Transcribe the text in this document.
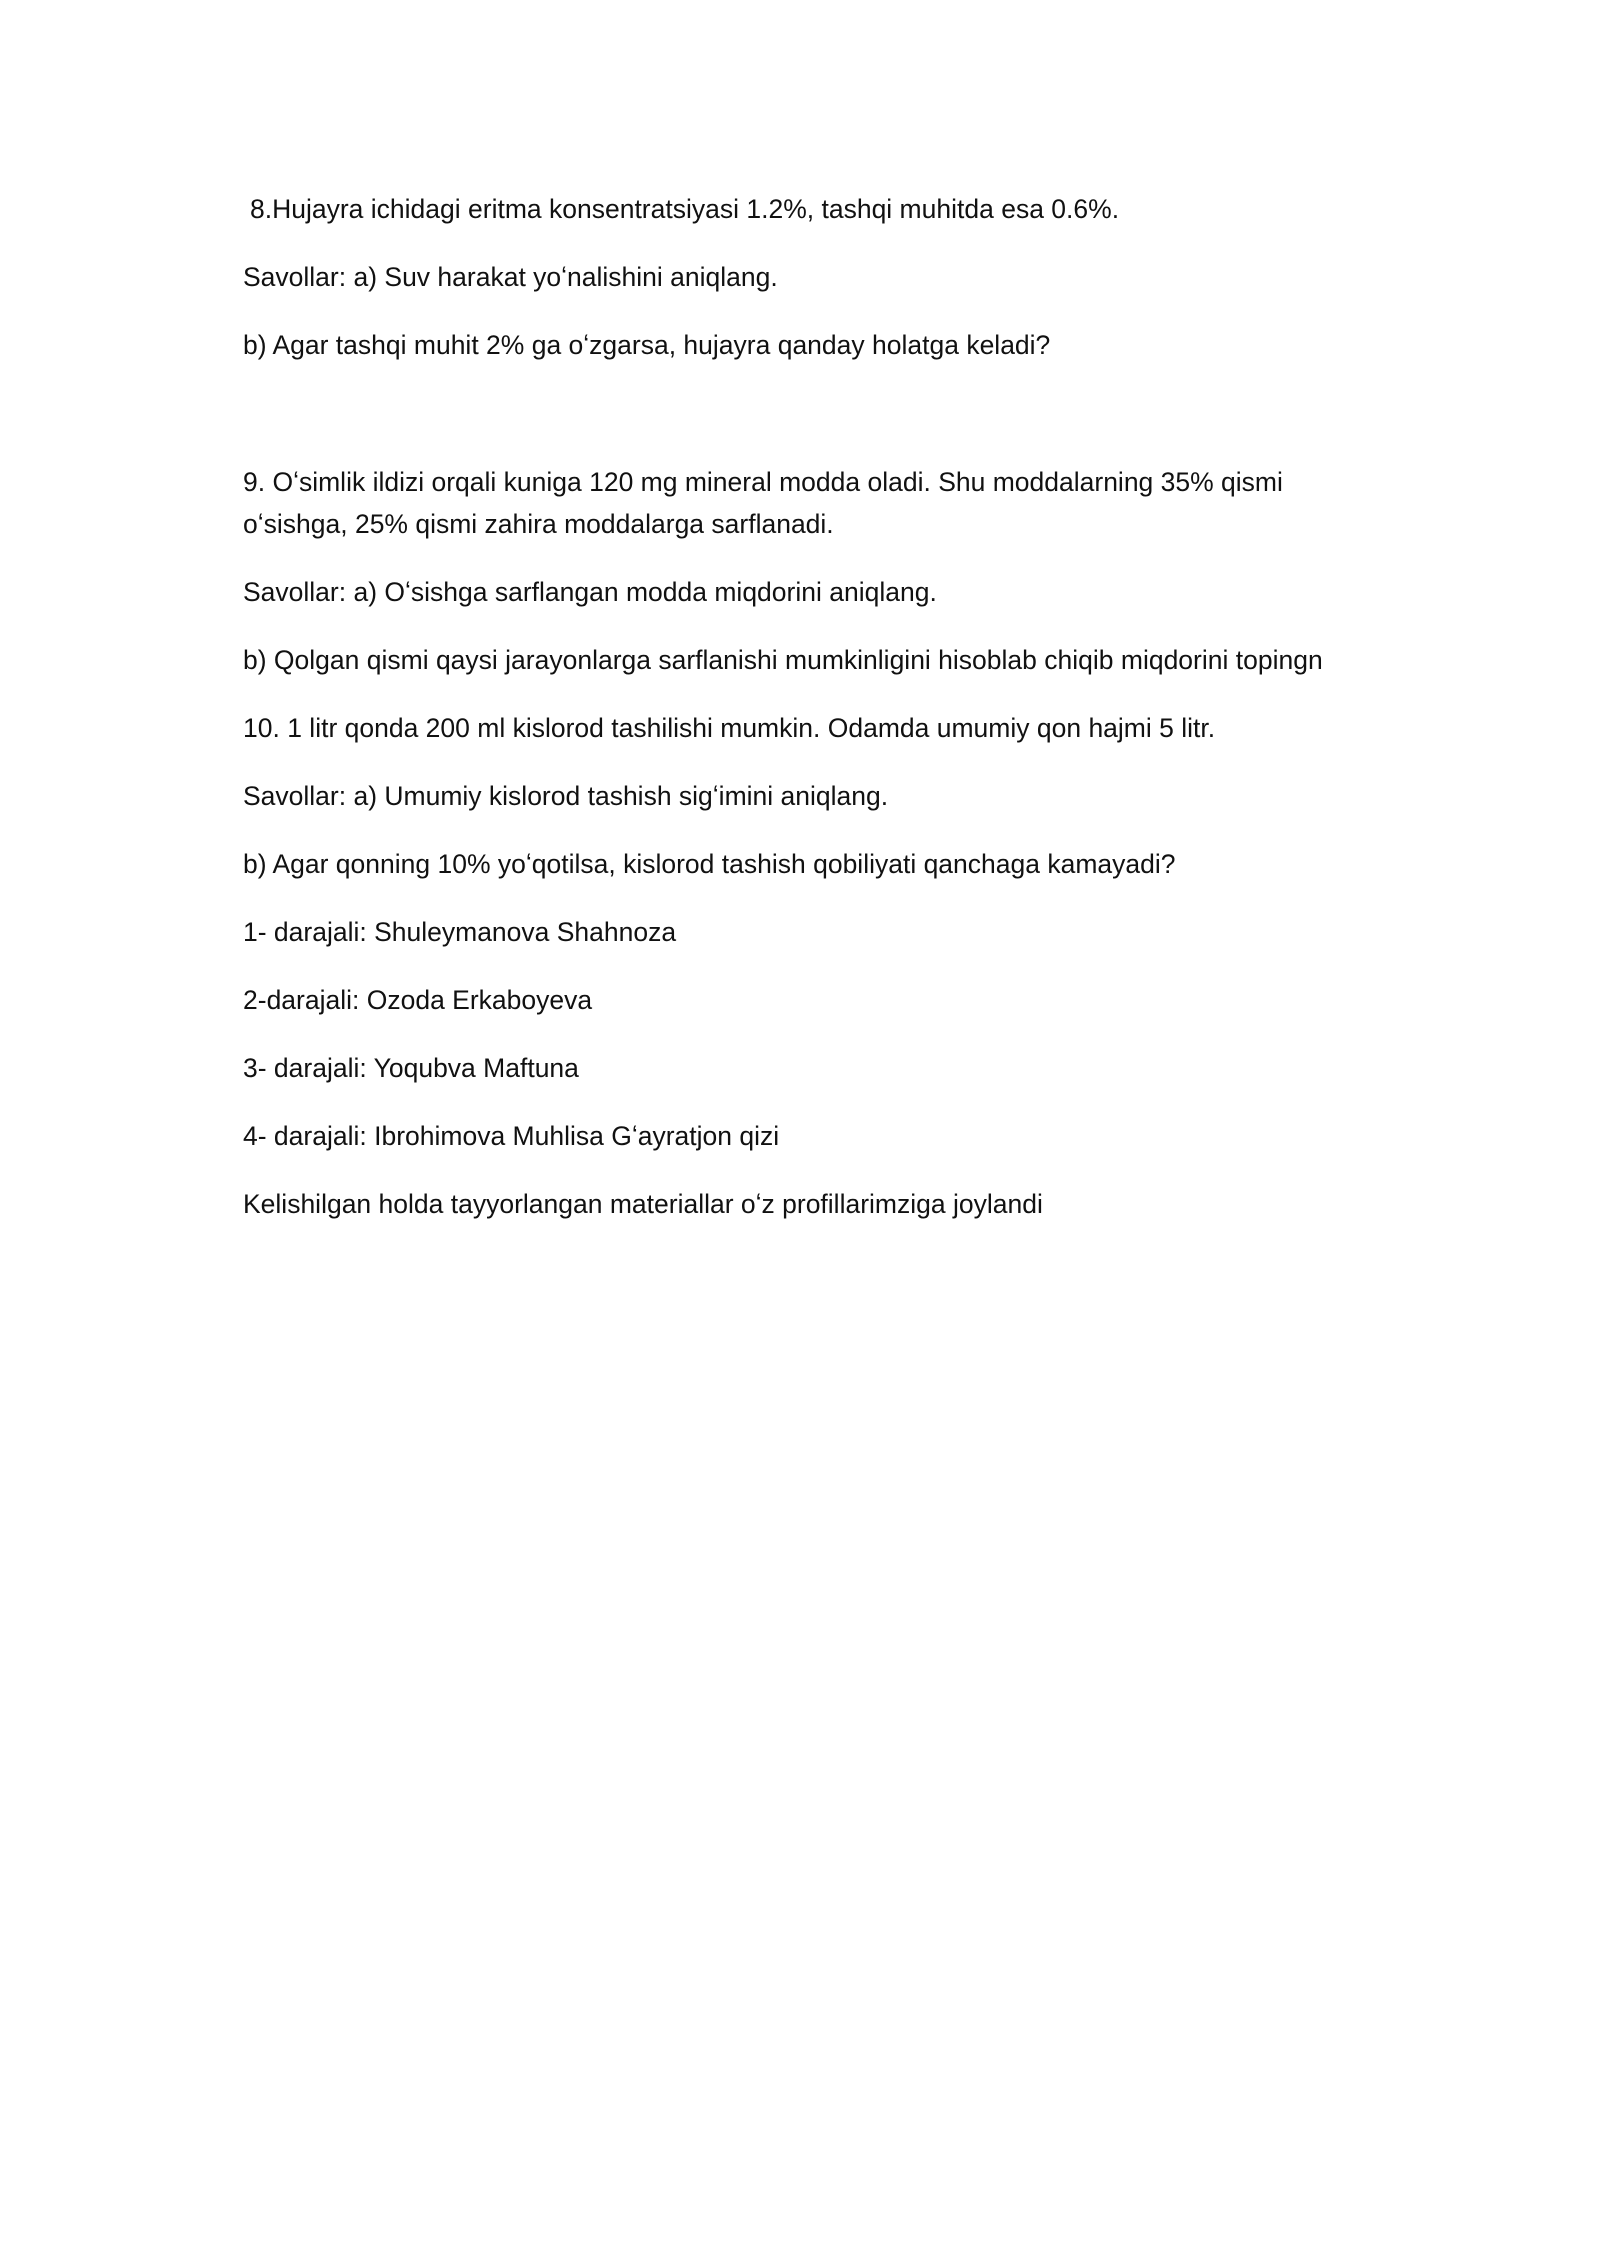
8.Hujayra ichidagi eritma konsentratsiyasi 1.2%, tashqi muhitda esa 0.6%.

Savollar: a) Suv harakat yoʻnalishini aniqlang.

b) Agar tashqi muhit 2% ga oʻzgarsa, hujayra qanday holatga keladi?

9. Oʻsimlik ildizi orqali kuniga 120 mg mineral modda oladi. Shu moddalarning 35% qismi oʻsishga, 25% qismi zahira moddalarga sarflanadi.

Savollar: a) Oʻsishga sarflangan modda miqdorini aniqlang.

b) Qolgan qismi qaysi jarayonlarga sarflanishi mumkinligini hisoblab chiqib miqdorini topingn

10. 1 litr qonda 200 ml kislorod tashilishi mumkin. Odamda umumiy qon hajmi 5 litr.

Savollar: a) Umumiy kislorod tashish sigʻimini aniqlang.

b) Agar qonning 10% yoʻqotilsa, kislorod tashish qobiliyati qanchaga kamayadi?

1- darajali: Shuleymanova Shahnoza

2-darajali: Ozoda Erkaboyeva

3- darajali: Yoqubva Maftuna

4- darajali: Ibrohimova Muhlisa Gʻayratjon qizi

Kelishilgan holda tayyorlangan materiallar oʻz profillarimziga joylandi
